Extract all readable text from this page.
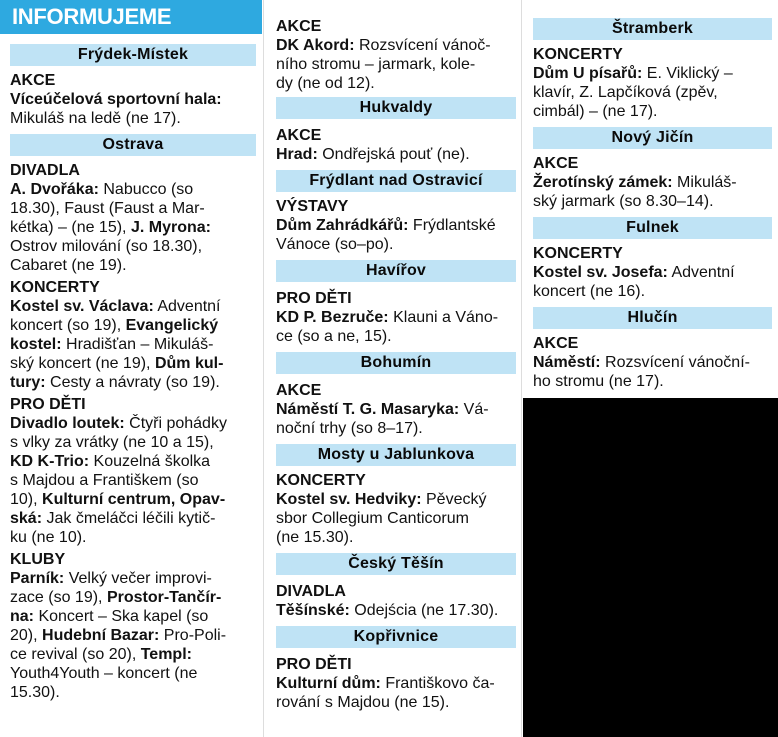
INFORMUJEME
Frýdek-Místek
AKCE
Víceúčelová sportovní hala:
Mikuláš na ledě (ne 17).
Ostrava
DIVADLA
A. Dvořáka: Nabucco (so
18.30), Faust (Faust a Mar-
kétka) – (ne 15), J. Myrona:
Ostrov milování (so 18.30),
Cabaret (ne 19).
KONCERTY
Kostel sv. Václava: Adventní
koncert (so 19), Evangelický
kostel: Hradišťan – Mikuláš-
ský koncert (ne 19), Dům kul-
tury: Cesty a návraty (so 19).
PRO DĚTI
Divadlo loutek: Čtyři pohádky
s vlky za vrátky (ne 10 a 15),
KD K-Trio: Kouzelná školka
s Majdou a Františkem (so
10), Kulturní centrum, Opav-
ská: Jak čmeláčci léčili kytič-
ku (ne 10).
KLUBY
Parník: Velký večer improvi-
zace (so 19), Prostor-Tančír-
na: Koncert – Ska kapel (so
20), Hudební Bazar: Pro-Poli-
ce revival (so 20), Templ:
Youth4Youth – koncert (ne
15.30).
AKCE
DK Akord: Rozsvícení vánoč-
ního stromu – jarmark, kole-
dy (ne od 12).
Hukvaldy
AKCE
Hrad: Ondřejská pouť (ne).
Frýdlant nad Ostravicí
VÝSTAVY
Dům Zahrádkářů: Frýdlantské
Vánoce (so–po).
Havířov
PRO DĚTI
KD P. Bezruče: Klauni a Váno-
ce (so a ne, 15).
Bohumín
AKCE
Náměstí T. G. Masaryka: Vá-
noční trhy (so 8–17).
Mosty u Jablunkova
KONCERTY
Kostel sv. Hedviky: Pěvecký
sbor Collegium Canticorum
(ne 15.30).
Český Těšín
DIVADLA
Těšínské: Odejścia (ne 17.30).
Kopřivnice
PRO DĚTI
Kulturní dům: Františkovo ča-
rování s Majdou (ne 15).
Štramberk
KONCERTY
Dům U písařů: E. Viklický –
klavír, Z. Lapčíková (zpěv,
cimbál) – (ne 17).
Nový Jičín
AKCE
Žerotínský zámek: Mikuláš-
ský jarmark (so 8.30–14).
Fulnek
KONCERTY
Kostel sv. Josefa: Adventní
koncert (ne 16).
Hlučín
AKCE
Náměstí: Rozsvícení vánoční-
ho stromu (ne 17).
